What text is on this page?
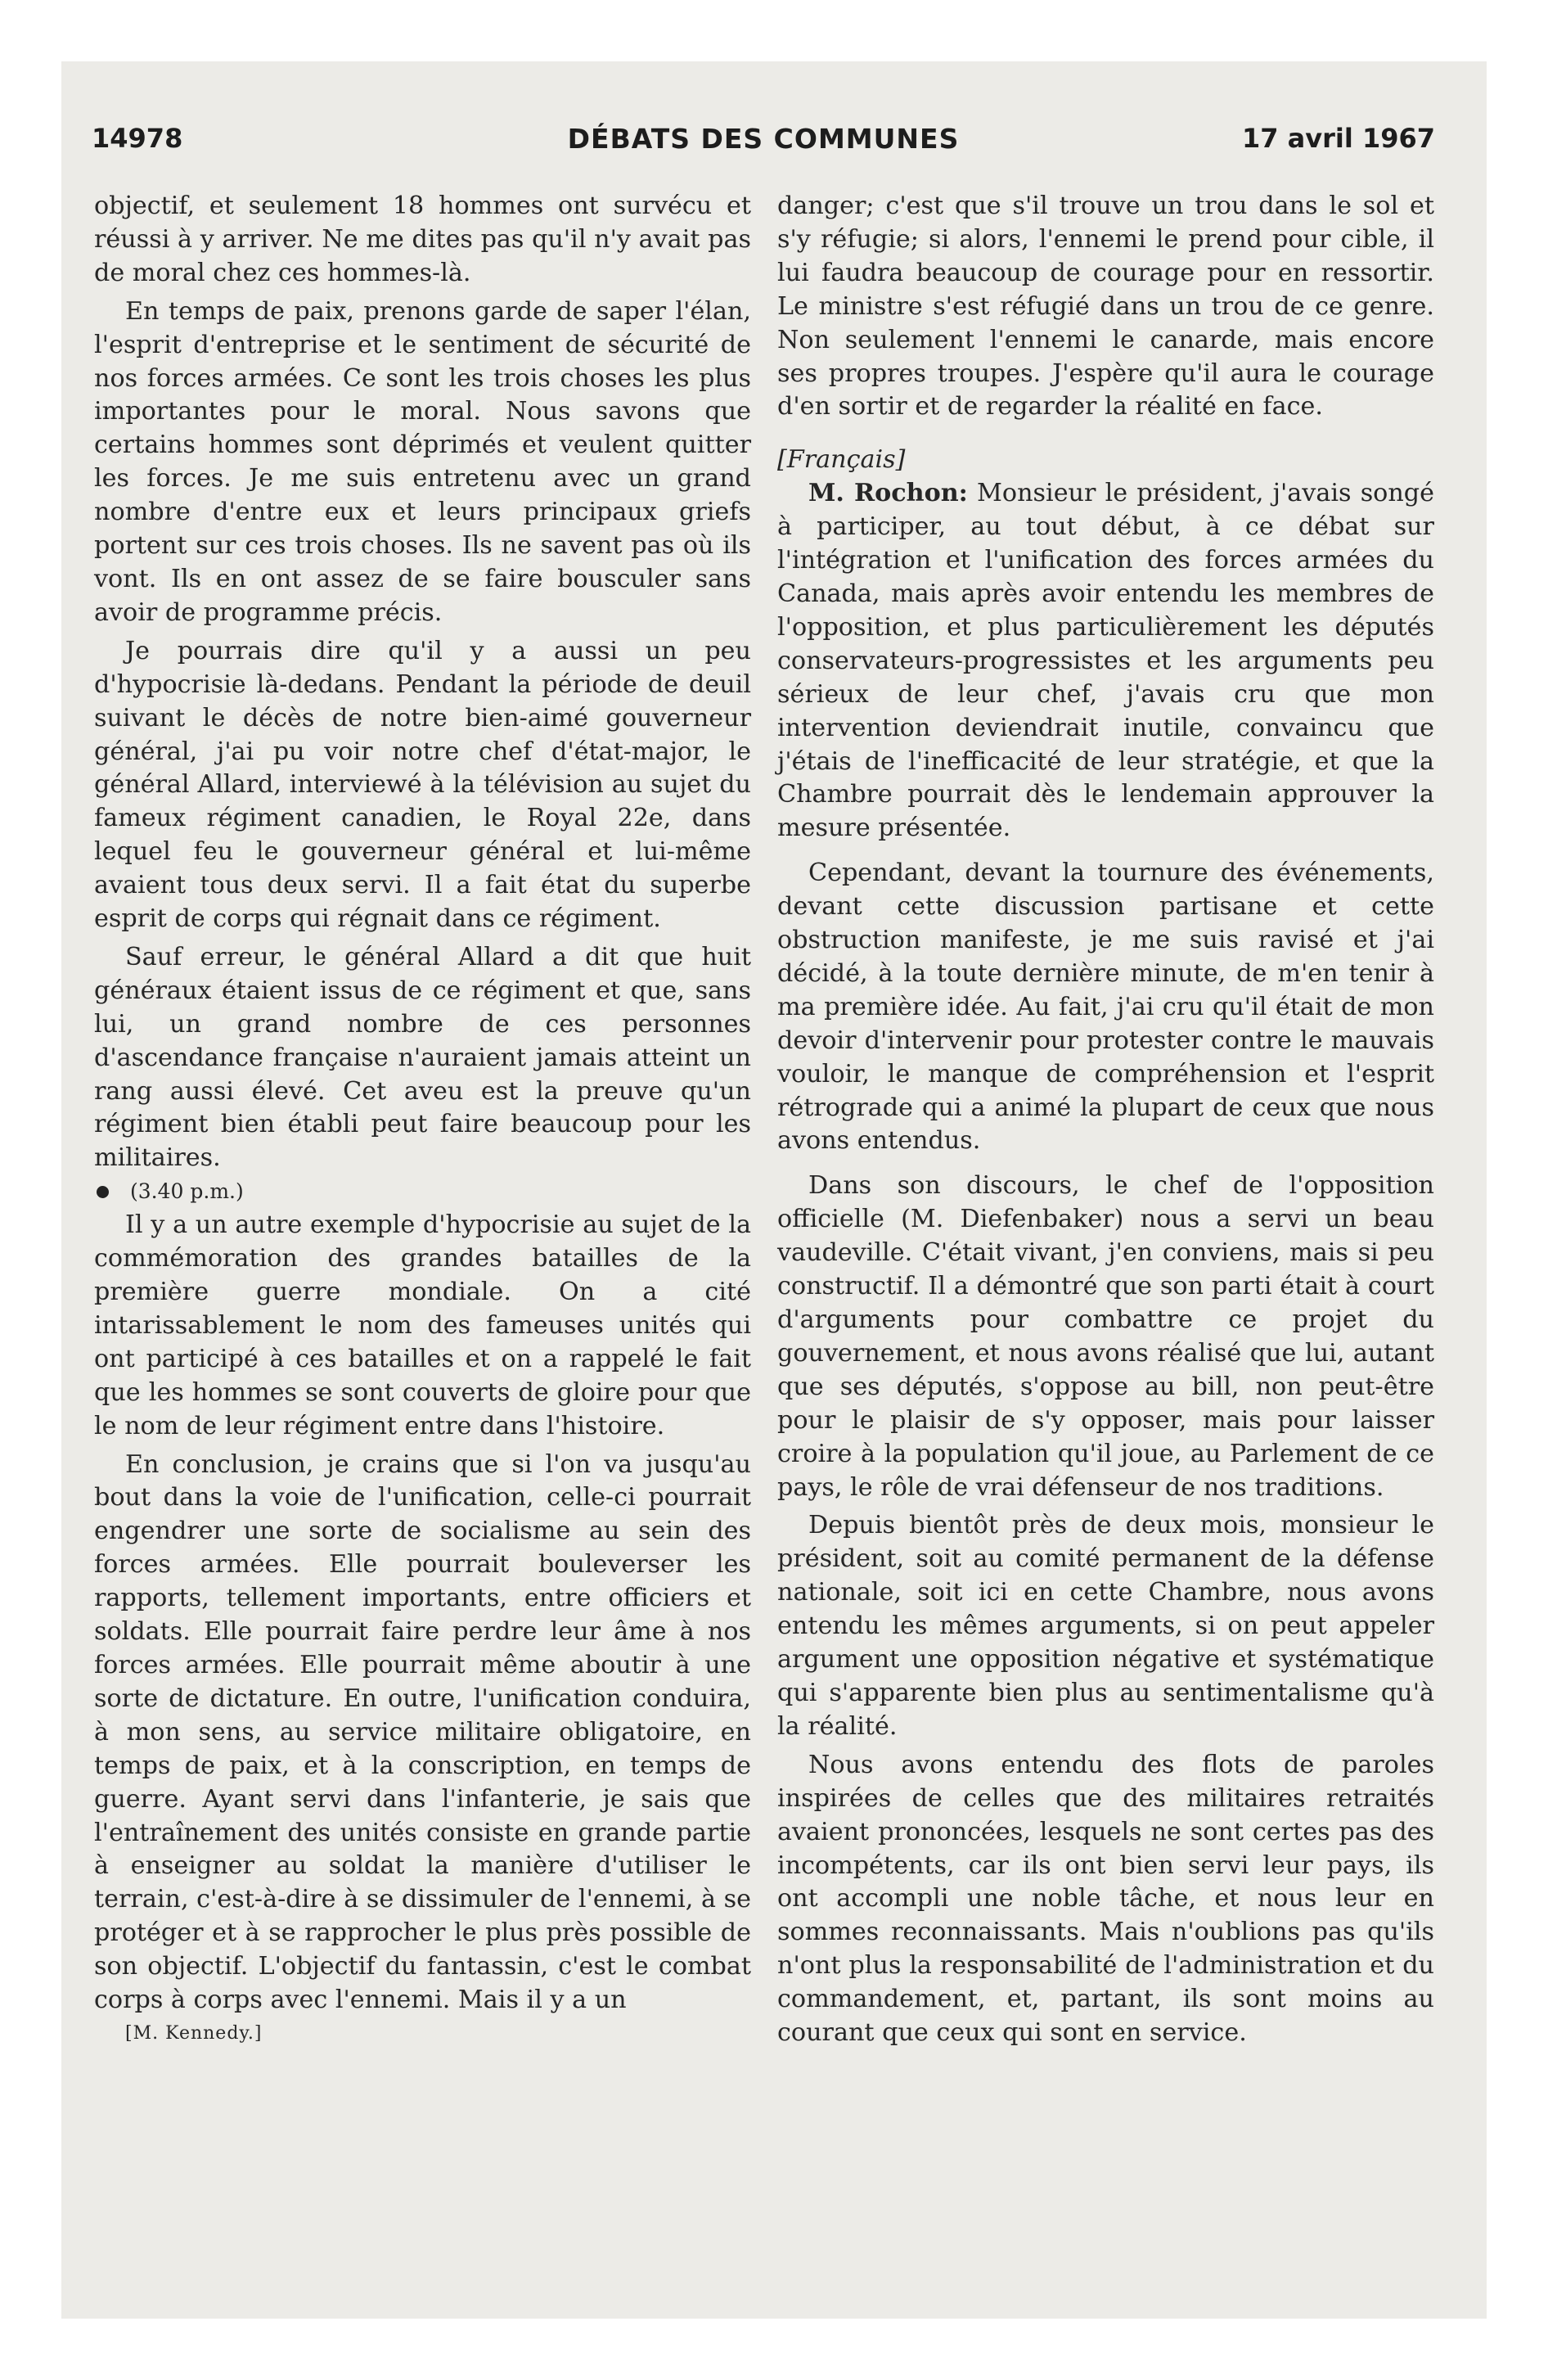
14978	DÉBATS DES COMMUNES	17 avril 1967

objectif, et seulement 18 hommes ont survécu et réussi à y arriver. Ne me dites pas qu'il n'y avait pas de moral chez ces hommes-là.

En temps de paix, prenons garde de saper l'élan, l'esprit d'entreprise et le sentiment de sécurité de nos forces armées. Ce sont les trois choses les plus importantes pour le moral. Nous savons que certains hommes sont déprimés et veulent quitter les forces. Je me suis entretenu avec un grand nombre d'entre eux et leurs principaux griefs portent sur ces trois choses. Ils ne savent pas où ils vont. Ils en ont assez de se faire bousculer sans avoir de programme précis.

Je pourrais dire qu'il y a aussi un peu d'hypocrisie là-dedans. Pendant la période de deuil suivant le décès de notre bien-aimé gouverneur général, j'ai pu voir notre chef d'état-major, le général Allard, interviewé à la télévision au sujet du fameux régiment canadien, le Royal 22e, dans lequel feu le gouverneur général et lui-même avaient tous deux servi. Il a fait état du superbe esprit de corps qui régnait dans ce régiment.

Sauf erreur, le général Allard a dit que huit généraux étaient issus de ce régiment et que, sans lui, un grand nombre de ces personnes d'ascendance française n'auraient jamais atteint un rang aussi élevé. Cet aveu est la preuve qu'un régiment bien établi peut faire beaucoup pour les militaires.

(3.40 p.m.)

Il y a un autre exemple d'hypocrisie au sujet de la commémoration des grandes batailles de la première guerre mondiale. On a cité intarissablement le nom des fameuses unités qui ont participé à ces batailles et on a rappelé le fait que les hommes se sont couverts de gloire pour que le nom de leur régiment entre dans l'histoire.

En conclusion, je crains que si l'on va jusqu'au bout dans la voie de l'unification, celle-ci pourrait engendrer une sorte de socialisme au sein des forces armées. Elle pourrait bouleverser les rapports, tellement importants, entre officiers et soldats. Elle pourrait faire perdre leur âme à nos forces armées. Elle pourrait même aboutir à une sorte de dictature. En outre, l'unification conduira, à mon sens, au service militaire obligatoire, en temps de paix, et à la conscription, en temps de guerre. Ayant servi dans l'infanterie, je sais que l'entraînement des unités consiste en grande partie à enseigner au soldat la manière d'utiliser le terrain, c'est-à-dire à se dissimuler de l'ennemi, à se protéger et à se rapprocher le plus près possible de son objectif. L'objectif du fantassin, c'est le combat corps à corps avec l'ennemi. Mais il y a un

[M. Kennedy.]

danger; c'est que s'il trouve un trou dans le sol et s'y réfugie; si alors, l'ennemi le prend pour cible, il lui faudra beaucoup de courage pour en ressortir. Le ministre s'est réfugié dans un trou de ce genre. Non seulement l'ennemi le canarde, mais encore ses propres troupes. J'espère qu'il aura le courage d'en sortir et de regarder la réalité en face.

[Français]

M. Rochon: Monsieur le président, j'avais songé à participer, au tout début, à ce débat sur l'intégration et l'unification des forces armées du Canada, mais après avoir entendu les membres de l'opposition, et plus particulièrement les députés conservateurs-progressistes et les arguments peu sérieux de leur chef, j'avais cru que mon intervention deviendrait inutile, convaincu que j'étais de l'inefficacité de leur stratégie, et que la Chambre pourrait dès le lendemain approuver la mesure présentée.

Cependant, devant la tournure des événements, devant cette discussion partisane et cette obstruction manifeste, je me suis ravisé et j'ai décidé, à la toute dernière minute, de m'en tenir à ma première idée. Au fait, j'ai cru qu'il était de mon devoir d'intervenir pour protester contre le mauvais vouloir, le manque de compréhension et l'esprit rétrograde qui a animé la plupart de ceux que nous avons entendus.

Dans son discours, le chef de l'opposition officielle (M. Diefenbaker) nous a servi un beau vaudeville. C'était vivant, j'en conviens, mais si peu constructif. Il a démontré que son parti était à court d'arguments pour combattre ce projet du gouvernement, et nous avons réalisé que lui, autant que ses députés, s'oppose au bill, non peut-être pour le plaisir de s'y opposer, mais pour laisser croire à la population qu'il joue, au Parlement de ce pays, le rôle de vrai défenseur de nos traditions.

Depuis bientôt près de deux mois, monsieur le président, soit au comité permanent de la défense nationale, soit ici en cette Chambre, nous avons entendu les mêmes arguments, si on peut appeler argument une opposition négative et systématique qui s'apparente bien plus au sentimentalisme qu'à la réalité.

Nous avons entendu des flots de paroles inspirées de celles que des militaires retraités avaient prononcées, lesquels ne sont certes pas des incompétents, car ils ont bien servi leur pays, ils ont accompli une noble tâche, et nous leur en sommes reconnaissants. Mais n'oublions pas qu'ils n'ont plus la responsabilité de l'administration et du commandement, et, partant, ils sont moins au courant que ceux qui sont en service.
